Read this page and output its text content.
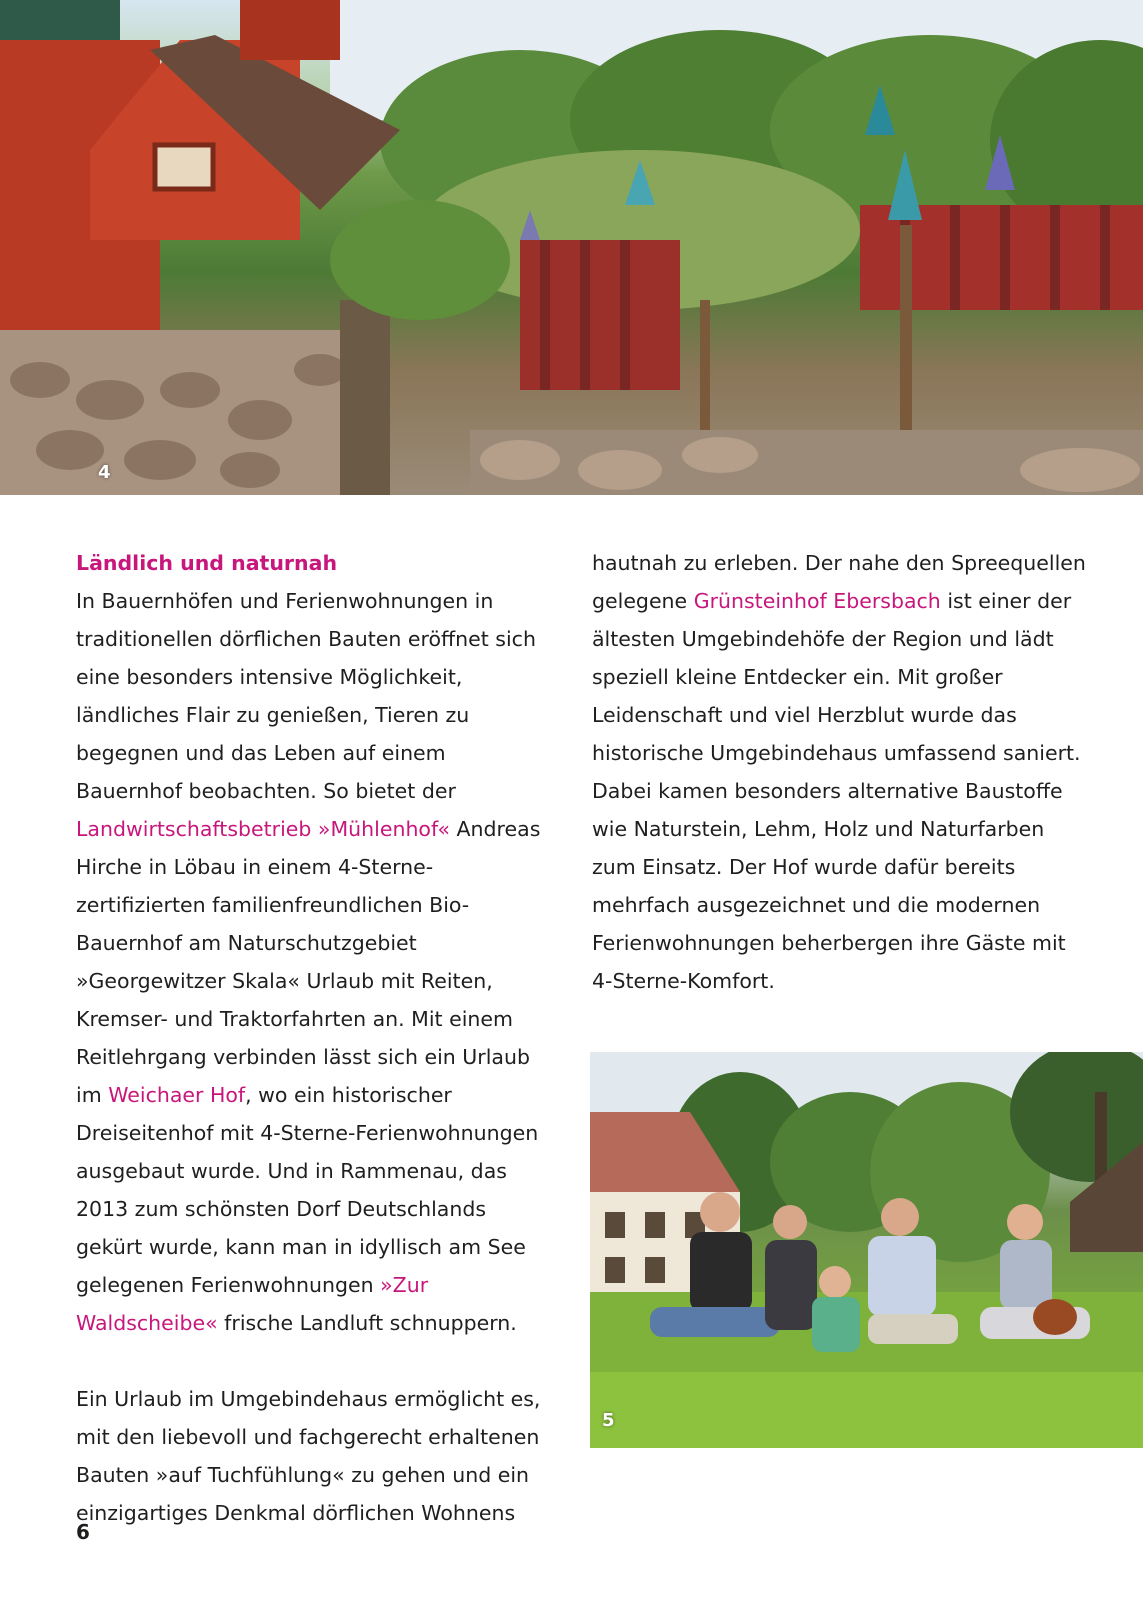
4

Ländlich und naturnah

In Bauernhöfen und Ferienwohnungen in traditionellen dörflichen Bauten eröffnet sich eine besonders intensive Möglichkeit, ländliches Flair zu genießen, Tieren zu begegnen und das Leben auf einem Bauernhof beobachten. So bietet der Landwirtschaftsbetrieb »Mühlenhof« Andreas Hirche in Löbau in einem 4-Sterne-zertifizierten familienfreundlichen Bio-Bauernhof am Naturschutzgebiet »Georgewitzer Skala« Urlaub mit Reiten, Kremser- und Traktorfahrten an. Mit einem Reitlehrgang verbinden lässt sich ein Urlaub im Weichaer Hof, wo ein historischer Dreiseitenhof mit 4-Sterne-Ferienwohnungen ausgebaut wurde. Und in Rammenau, das 2013 zum schönsten Dorf Deutschlands gekürt wurde, kann man in idyllisch am See gelegenen Ferienwohnungen »Zur Waldscheibe« frische Landluft schnuppern.

Ein Urlaub im Umgebindehaus ermöglicht es, mit den liebevoll und fachgerecht erhaltenen Bauten »auf Tuchfühlung« zu gehen und ein einzigartiges Denkmal dörflichen Wohnens

hautnah zu erleben. Der nahe den Spreequellen gelegene Grünsteinhof Ebersbach ist einer der ältesten Umgebindehöfe der Region und lädt speziell kleine Entdecker ein. Mit großer Leidenschaft und viel Herzblut wurde das historische Umgebindehaus umfassend saniert. Dabei kamen besonders alternative Baustoffe wie Naturstein, Lehm, Holz und Naturfarben zum Einsatz. Der Hof wurde dafür bereits mehrfach ausgezeichnet und die modernen Ferienwohnungen beherbergen ihre Gäste mit 4-Sterne-Komfort.

5
6
